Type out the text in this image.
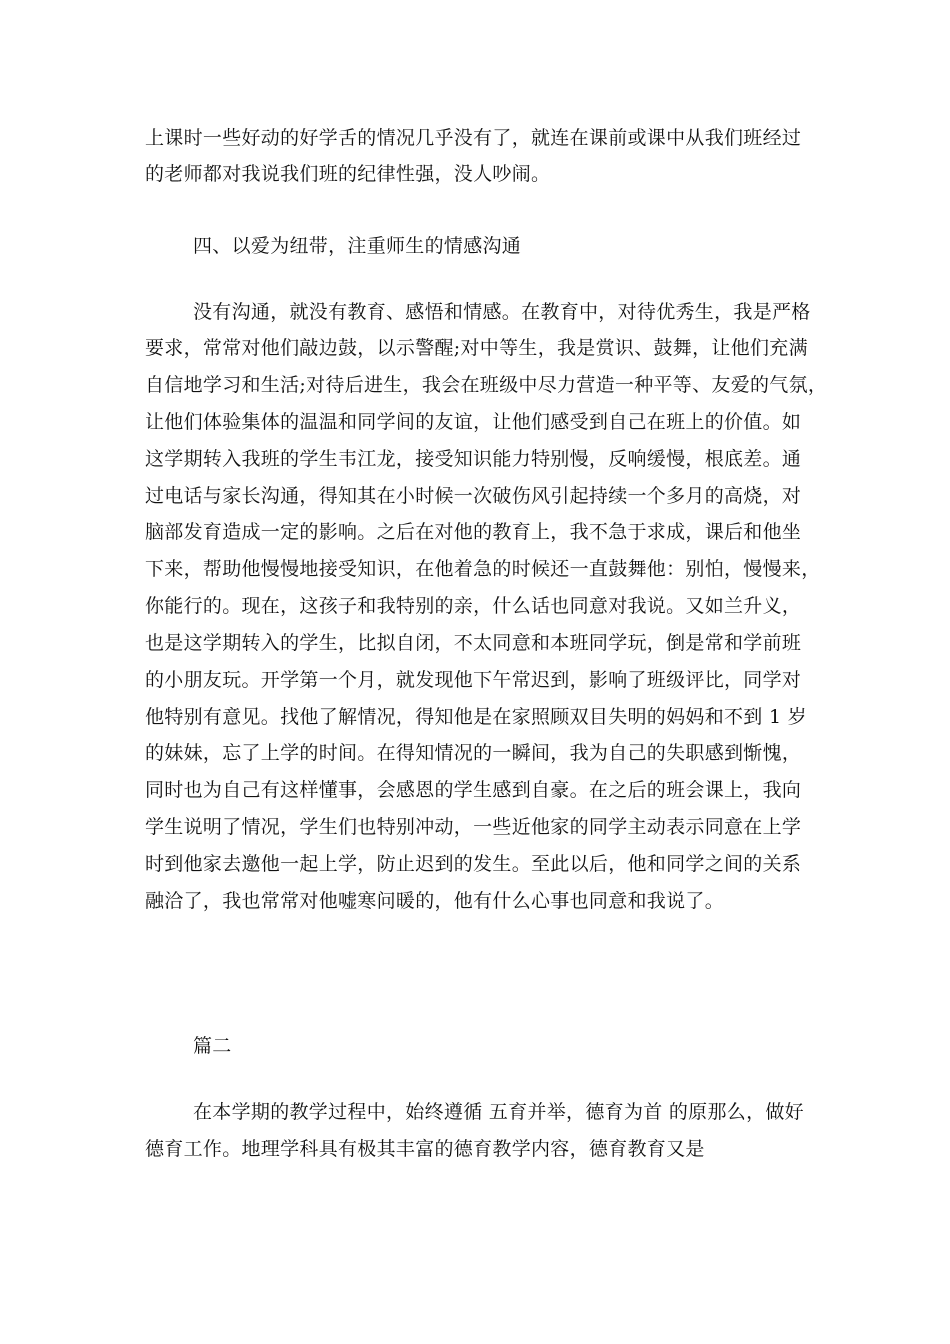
上课时一些好动的好学舌的情况几乎没有了，就连在课前或课中从我们班经过
的老师都对我说我们班的纪律性强，没人吵闹。
四、以爱为纽带，注重师生的情感沟通
没有沟通，就没有教育、感悟和情感。在教育中，对待优秀生，我是严格
要求，常常对他们敲边鼓，以示警醒;对中等生，我是赏识、鼓舞，让他们充满
自信地学习和生活;对待后进生，我会在班级中尽力营造一种平等、友爱的气氛，
让他们体验集体的温温和同学间的友谊，让他们感受到自己在班上的价值。如
这学期转入我班的学生韦江龙，接受知识能力特别慢，反响缓慢，根底差。通
过电话与家长沟通，得知其在小时候一次破伤风引起持续一个多月的高烧，对
脑部发育造成一定的影响。之后在对他的教育上，我不急于求成，课后和他坐
下来，帮助他慢慢地接受知识，在他着急的时候还一直鼓舞他：别怕，慢慢来，
你能行的。现在，这孩子和我特别的亲，什么话也同意对我说。又如兰升义，
也是这学期转入的学生，比拟自闭，不太同意和本班同学玩，倒是常和学前班
的小朋友玩。开学第一个月，就发现他下午常迟到，影响了班级评比，同学对
他特别有意见。找他了解情况，得知他是在家照顾双目失明的妈妈和不到 1 岁
的妹妹，忘了上学的时间。在得知情况的一瞬间，我为自己的失职感到惭愧，
同时也为自己有这样懂事，会感恩的学生感到自豪。在之后的班会课上，我向
学生说明了情况，学生们也特别冲动，一些近他家的同学主动表示同意在上学
时到他家去邀他一起上学，防止迟到的发生。至此以后，他和同学之间的关系
融洽了，我也常常对他嘘寒问暖的，他有什么心事也同意和我说了。
篇二
在本学期的教学过程中，始终遵循 五育并举，德育为首 的原那么，做好
德育工作。地理学科具有极其丰富的德育教学内容，德育教育又是
